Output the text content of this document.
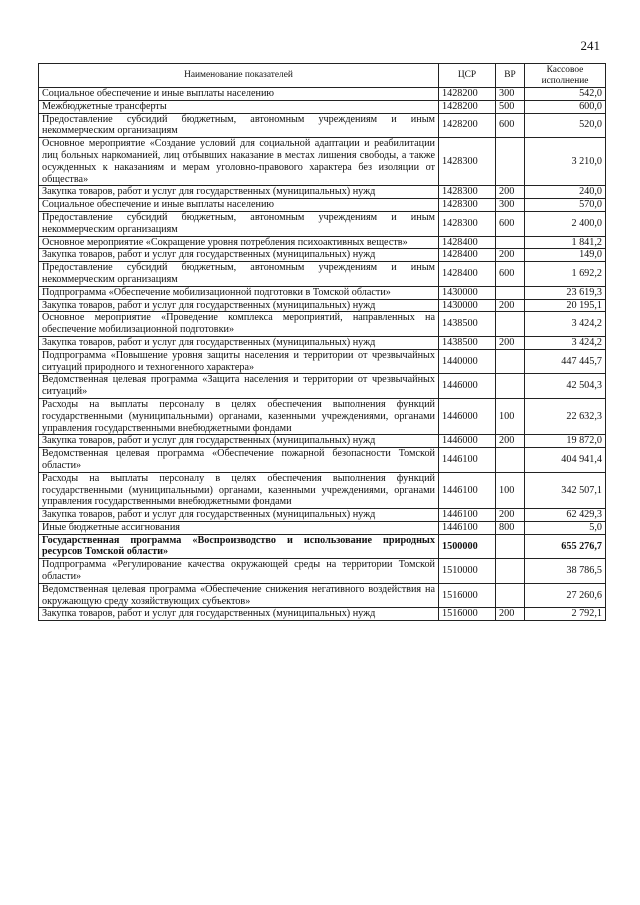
241
Наименование показателей	ЦСР	ВР	Кассовое исполнение
Социальное обеспечение и иные выплаты населению	1428200	300	542,0
Межбюджетные трансферты	1428200	500	600,0
Предоставление субсидий бюджетным, автономным учреждениям и иным некоммерческим организациям	1428200	600	520,0
Основное мероприятие «Создание условий для социальной адаптации и реабилитации лиц больных наркоманией, лиц отбывших наказание в местах лишения свободы, а также осужденных к наказаниям и мерам уголовно-правового характера без изоляции от общества»	1428300		3 210,0
Закупка товаров, работ и услуг для государственных (муниципальных) нужд	1428300	200	240,0
Социальное обеспечение и иные выплаты населению	1428300	300	570,0
Предоставление субсидий бюджетным, автономным учреждениям и иным некоммерческим организациям	1428300	600	2 400,0
Основное мероприятие «Сокращение уровня потребления психоактивных веществ»	1428400		1 841,2
Закупка товаров, работ и услуг для государственных (муниципальных) нужд	1428400	200	149,0
Предоставление субсидий бюджетным, автономным учреждениям и иным некоммерческим организациям	1428400	600	1 692,2
Подпрограмма «Обеспечение мобилизационной подготовки в Томской области»	1430000		23 619,3
Закупка товаров, работ и услуг для государственных (муниципальных) нужд	1430000	200	20 195,1
Основное мероприятие «Проведение комплекса мероприятий, направленных на обеспечение мобилизационной подготовки»	1438500		3 424,2
Закупка товаров, работ и услуг для государственных (муниципальных) нужд	1438500	200	3 424,2
Подпрограмма «Повышение уровня защиты населения и территории от чрезвычайных ситуаций природного и техногенного характера»	1440000		447 445,7
Ведомственная целевая программа «Защита населения и территории от чрезвычайных ситуаций»	1446000		42 504,3
Расходы на выплаты персоналу в целях обеспечения выполнения функций государственными (муниципальными) органами, казенными учреждениями, органами управления государственными внебюджетными фондами	1446000	100	22 632,3
Закупка товаров, работ и услуг для государственных (муниципальных) нужд	1446000	200	19 872,0
Ведомственная целевая программа «Обеспечение пожарной безопасности Томской области»	1446100		404 941,4
Расходы на выплаты персоналу в целях обеспечения выполнения функций государственными (муниципальными) органами, казенными учреждениями, органами управления государственными внебюджетными фондами	1446100	100	342 507,1
Закупка товаров, работ и услуг для государственных (муниципальных) нужд	1446100	200	62 429,3
Иные бюджетные ассигнования	1446100	800	5,0
Государственная программа «Воспроизводство и использование природных ресурсов Томской области»	1500000		655 276,7
Подпрограмма «Регулирование качества окружающей среды на территории Томской области»	1510000		38 786,5
Ведомственная целевая программа «Обеспечение снижения негативного воздействия на окружающую среду хозяйствующих субъектов»	1516000		27 260,6
Закупка товаров, работ и услуг для государственных (муниципальных) нужд	1516000	200	2 792,1
